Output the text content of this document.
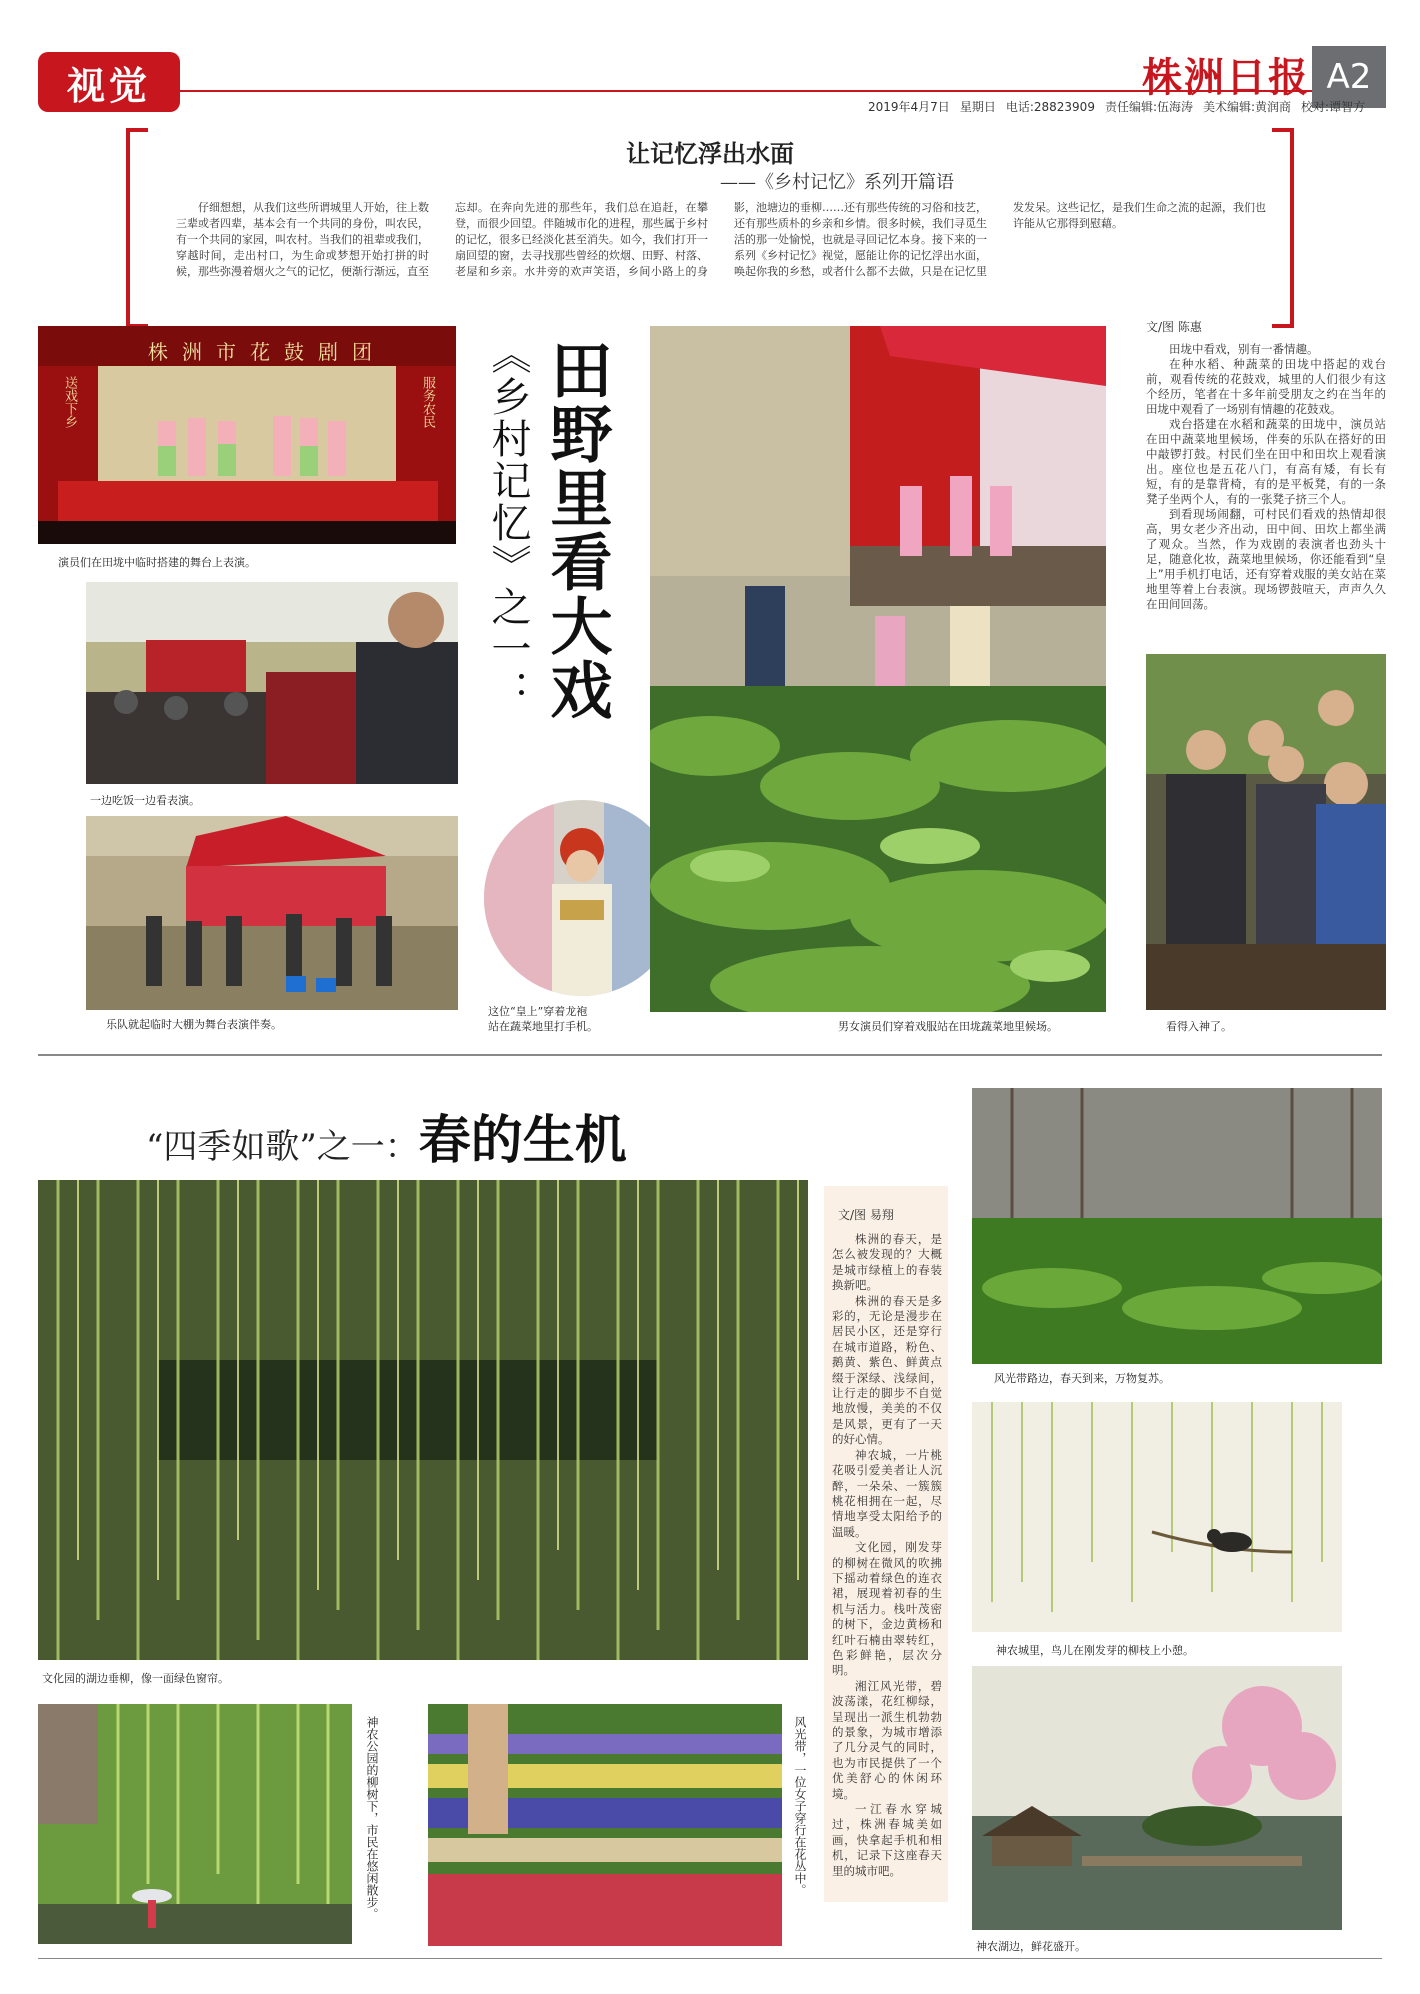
视觉	株洲日报 A2
2019年4月7日 星期日 电话:28823909 责任编辑:伍海涛 美术编辑:黄润商 校对:谭智方
让记忆浮出水面
——《乡村记忆》系列开篇语
仔细想想，从我们这些所谓城里人开始，往上数三辈或者四辈，基本会有一个共同的身份，叫农民，有一个共同的家园，叫农村。当我们的祖辈或我们，穿越时间，走出村口，为生命或梦想开始打拼的时候，那些弥漫着烟火之气的记忆，便渐行渐远，直至忘却。在奔向先进的那些年，我们总在追赶，在攀登，而很少回望。伴随城市化的进程，那些属于乡村的记忆，很多已经淡化甚至消失。如今，我们打开一扇回望的窗，去寻找那些曾经的炊烟、田野、村落、老屋和乡亲。水井旁的欢声笑语，乡间小路上的身影，池塘边的垂柳……还有那些传统的习俗和技艺，还有那些质朴的乡亲和乡情。很多时候，我们寻觅生活的那一处愉悦，也就是寻回记忆本身。接下来的一系列《乡村记忆》视觉，愿能让你的记忆浮出水面，唤起你我的乡愁，或者什么都不去做，只是在记忆里发发呆。这些记忆，是我们生命之流的起源，我们也许能从它那得到慰藉。
株洲市花鼓剧团
送戏下乡	服务农民
演员们在田垅中临时搭建的舞台上表演。
一边吃饭一边看表演。
乐队就起临时大棚为舞台表演伴奏。
《乡村记忆》之一： 田野里看大戏
这位“皇上”穿着龙袍站在蔬菜地里打手机。	男女演员们穿着戏服站在田垅蔬菜地里候场。
文/图 陈惠

田垅中看戏，别有一番情趣。

在种水稻、种蔬菜的田垅中搭起的戏台前，观看传统的花鼓戏，城里的人们很少有这个经历，笔者在十多年前受朋友之约在当年的田垅中观看了一场别有情趣的花鼓戏。

戏台搭建在水稻和蔬菜的田垅中，演员站在田中蔬菜地里候场，伴奏的乐队在搭好的田中敲锣打鼓。村民们坐在田中和田坎上观看演出。座位也是五花八门，有高有矮，有长有短，有的是靠背椅，有的是平板凳，有的一条凳子坐两个人，有的一张凳子挤三个人。

到看现场闹翻，可村民们看戏的热情却很高，男女老少齐出动，田中间、田坎上都坐满了观众。当然，作为戏剧的表演者也劲头十足，随意化妆，蔬菜地里候场，你还能看到“皇上”用手机打电话，还有穿着戏服的美女站在菜地里等着上台表演。现场锣鼓喧天，声声久久在田间回荡。

看得入神了。
“四季如歌”之一：春的生机
文化园的湖边垂柳，像一面绿色窗帘。
文/图 易翔

株洲的春天，是怎么被发现的？大概是城市绿植上的春装换新吧。

株洲的春天是多彩的，无论是漫步在居民小区，还是穿行在城市道路，粉色、鹅黄、紫色、鲜黄点缀于深绿、浅绿间，让行走的脚步不自觉地放慢，美美的不仅是风景，更有了一天的好心情。

神农城，一片桃花吸引爱美者让人沉醉，一朵朵、一簇簇桃花相拥在一起，尽情地享受太阳给予的温暖。

文化园，刚发芽的柳树在微风的吹拂下摇动着绿色的连衣裙，展现着初春的生机与活力。栈叶茂密的树下，金边黄杨和红叶石楠由翠转红，色彩鲜艳，层次分明。

湘江风光带，碧波荡漾，花红柳绿，呈现出一派生机勃勃的景象，为城市增添了几分灵气的同时，也为市民提供了一个优美舒心的休闲环境。

一江春水穿城过，株洲春城美如画，快拿起手机和相机，记录下这座春天里的城市吧。

风光带路边，春天到来，万物复苏。
神农城里，鸟儿在刚发芽的柳枝上小憩。
神农湖边，鲜花盛开。
神农公园的柳树下，市民在悠闲散步。	风光带，一位女子穿行在花丛中。
